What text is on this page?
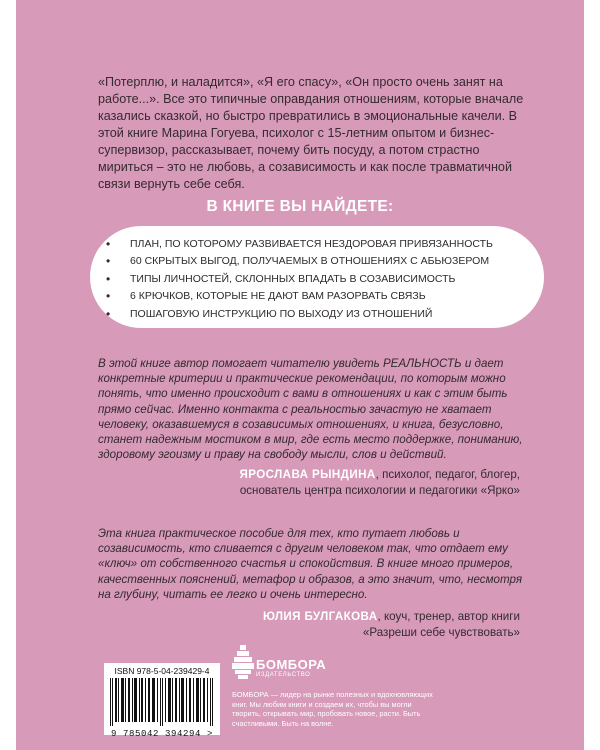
«Потерплю, и наладится», «Я его спасу», «Он просто очень занят на работе...». Все это типичные оправдания отношениям, которые вначале казались сказкой, но быстро превратились в эмоциональные качели. В этой книге Марина Гогуева, психолог с 15-летним опытом и бизнес-супервизор, рассказывает, почему бить посуду, а потом страстно мириться – это не любовь, а созависимость и как после травматичной связи вернуть себе себя.

В КНИГЕ ВЫ НАЙДЕТЕ:
• ПЛАН, ПО КОТОРОМУ РАЗВИВАЕТСЯ НЕЗДОРОВАЯ ПРИВЯЗАННОСТЬ
• 60 СКРЫТЫХ ВЫГОД, ПОЛУЧАЕМЫХ В ОТНОШЕНИЯХ С АБЬЮЗЕРОМ
• ТИПЫ ЛИЧНОСТЕЙ, СКЛОННЫХ ВПАДАТЬ В СОЗАВИСИМОСТЬ
• 6 КРЮЧКОВ, КОТОРЫЕ НЕ ДАЮТ ВАМ РАЗОРВАТЬ СВЯЗЬ
• ПОШАГОВУЮ ИНСТРУКЦИЮ ПО ВЫХОДУ ИЗ ОТНОШЕНИЙ

В этой книге автор помогает читателю увидеть РЕАЛЬНОСТЬ и дает конкретные критерии и практические рекомендации, по которым можно понять, что именно происходит с вами в отношениях и как с этим быть прямо сейчас. Именно контакта с реальностью зачастую не хватает человеку, оказавшемуся в созависимых отношениях, и книга, безусловно, станет надежным мостиком в мир, где есть место поддержке, пониманию, здоровому эгоизму и праву на свободу мысли, слов и действий.

ЯРОСЛАВА РЫНДИНА, психолог, педагог, блогер,
основатель центра психологии и педагогики «Ярко»

Эта книга практическое пособие для тех, кто путает любовь и созависимость, кто сливается с другим человеком так, что отдает ему «ключ» от собственного счастья и спокойствия. В книге много примеров, качественных пояснений, метафор и образов, а это значит, что, несмотря на глубину, читать ее легко и очень интересно.

ЮЛИЯ БУЛГАКОВА, коуч, тренер, автор книги
«Разреши себе чувствовать»
ISBN 978-5-04-239429-4
9 785042 394294 >
БОМБОРА
ИЗДАТЕЛЬСТВО

БОМБОРА — лидер на рынке полезных и вдохновляющих книг. Мы любим книги и создаем их, чтобы вы могли творить, открывать мир, пробовать новое, расти. Быть счастливыми. Быть на волне.
